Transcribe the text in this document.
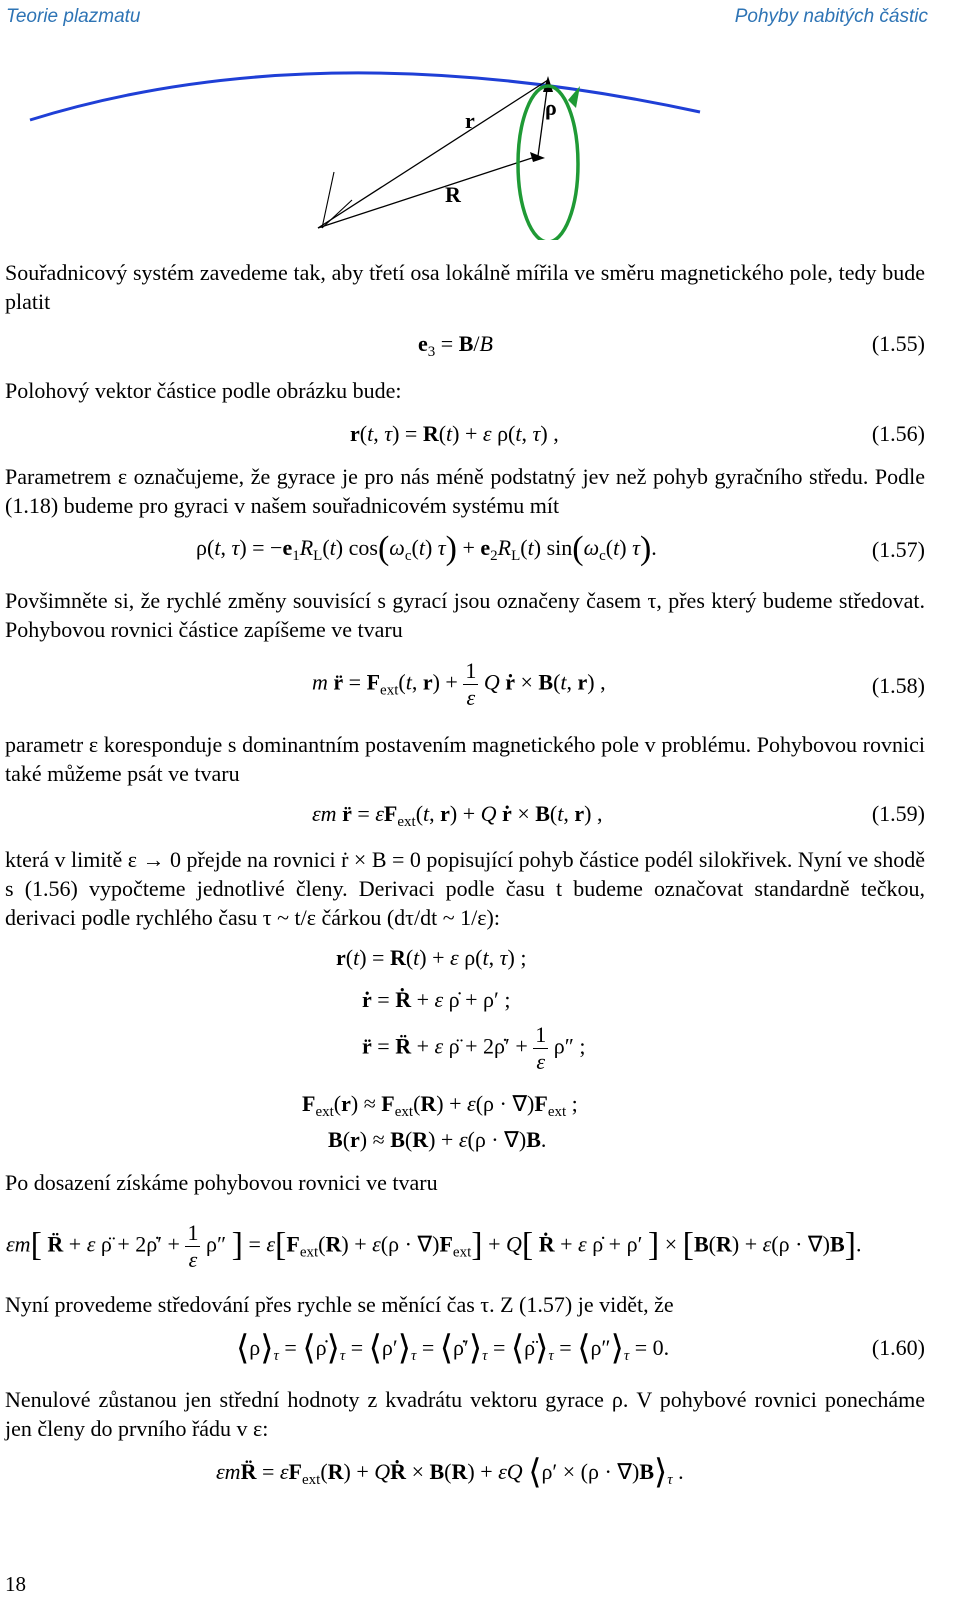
Teorie plazmatu	Pohyby nabitých částic
r
ρ
R
Souřadnicový systém zavedeme tak, aby třetí osa lokálně mířila ve směru magnetického pole, tedy bude platit
$e_3 = B/B$	(1.55)
Polohový vektor částice podle obrázku bude:
r(t, τ) = R(t) + ε ρ(t, τ) ,	(1.56)
Parametrem ε označujeme, že gyrace je pro nás méně podstatný jev než pohyb gyračního středu. Podle (1.18) budeme pro gyraci v našem souřadnicovém systému mít
ρ(t, $\tau) = -e_1R_L(t)$ $\cos(\omega_c(t) \tau) + e_2R_L(t)$ $\sin(\omega_c(t)$ τ).	(1.57)
Povšimněte si, že rychlé změny souvisící s gyrací jsou označeny časem τ, přes který budeme středovat. Pohybovou rovnici částice zapíšeme ve tvaru
m r̈ = $F_{ext}(t$, $r) + \frac{1}{\varepsilon}$ Q ṙ × B(t, r) ,	(1.58)
parametr ε koresponduje s dominantním postavením magnetického pole v problému. Pohybovou rovnici také můžeme psát ve tvaru
εm r̈ = $\varepsilon F_{ext}(t$, r) + Q ṙ × B(t, r) ,	(1.59)
která v limitě ε → 0 přejde na rovnici ṙ × B = 0 popisující pohyb částice podél silokřivek. Nyní ve shodě s (1.56) vypočteme jednotlivé členy. Derivaci podle času t budeme označovat standardně tečkou, derivaci podle rychlého času τ ~ t/ε čárkou (dτ/dt ~ 1/ε):
r(t) = R(t) + ε ρ(t, τ) ;
ṙ = Ṙ + ε ρ̇ + ρ′ ;
r̈ = R̈ + ε ρ̈ + 2ρ̇′ + $\frac{1}{\varepsilon} \rho''$ ;
$F_{ext}(r) \approx F_{ext}(R) + \varepsilon(\rho \cdot \nabla)F_{ext}$ ;
B(r) ≈ B(R) + ε(ρ · ∇)B.
Po dosazení získáme pohybovou rovnici ve tvaru
εm[ R̈ + ε ρ̈ + 2ρ̇′ + $\frac{1}{\varepsilon} \rho''$ ] = $\varepsilon[F_{ext}(R) + \varepsilon(\rho \cdot \nabla)F_{ext}] + Q$[ Ṙ + ε ρ̇ + ρ′ ] × [B(R) + ε(ρ · ∇)B].
Nyní provedeme středování přes rychle se měnící čas τ. Z (1.57) je vidět, že
$⟨\rho⟩_\tau$ = $⟨\rhȯ⟩_\tau$ = $⟨\rho'⟩_\tau$ = $⟨\rhȯ'⟩_\tau$ = $⟨\rhö⟩_\tau$ = $⟨\rho''⟩_\tau = 0$.	(1.60)
Nenulové zůstanou jen střední hodnoty z kvadrátu vektoru gyrace ρ. V pohybové rovnici ponecháme jen členy do prvního řádu v ε:
εmR̈ = $\varepsilon F_{ext}(R)$ + QṘ × B(R) + εQ ⟨ρ′ × $(\rho \cdot \nabla)B⟩_\tau$ .
18
